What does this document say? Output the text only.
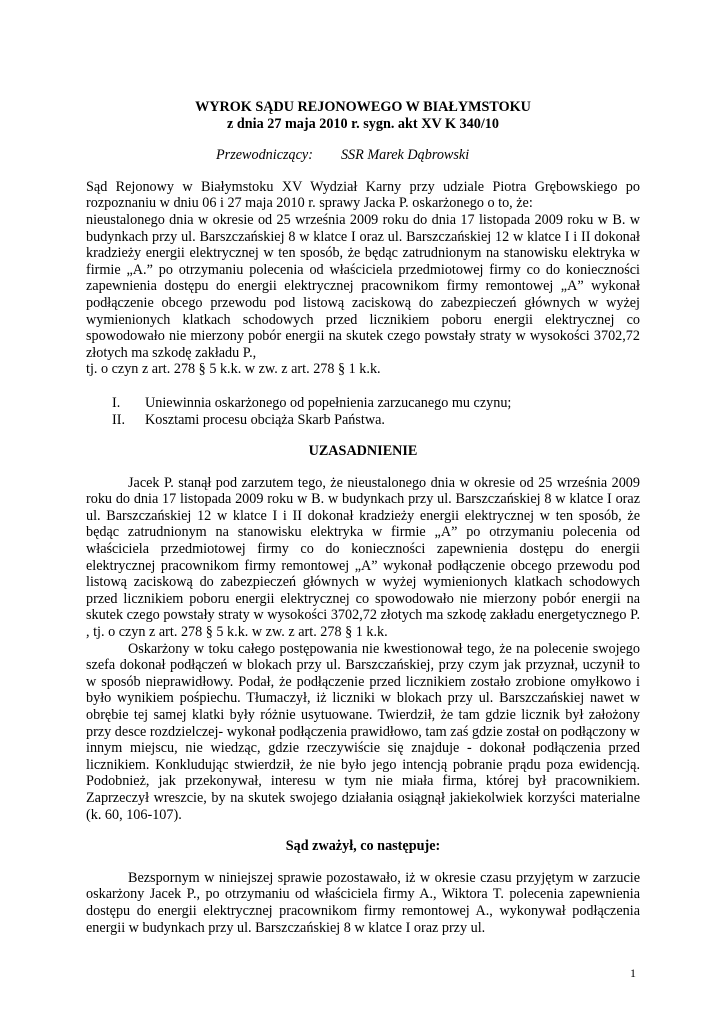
WYROK SĄDU REJONOWEGO W BIAŁYMSTOKU
z dnia 27 maja 2010 r. sygn. akt XV K 340/10

Przewodniczący: SSR Marek Dąbrowski

Sąd Rejonowy w Białymstoku XV Wydział Karny przy udziale Piotra Grębowskiego po rozpoznaniu w dniu 06 i 27 maja 2010 r. sprawy Jacka P. oskarżonego o to, że:

nieustalonego dnia w okresie od 25 września 2009 roku do dnia 17 listopada 2009 roku w B. w budynkach przy ul. Barszczańskiej 8 w klatce I oraz ul. Barszczańskiej 12 w klatce I i II dokonał kradzieży energii elektrycznej w ten sposób, że będąc zatrudnionym na stanowisku elektryka w firmie „A.” po otrzymaniu polecenia od właściciela przedmiotowej firmy co do konieczności zapewnienia dostępu do energii elektrycznej pracownikom firmy remontowej „A” wykonał podłączenie obcego przewodu pod listową zaciskową do zabezpieczeń głównych w wyżej wymienionych klatkach schodowych przed licznikiem poboru energii elektrycznej co spowodowało nie mierzony pobór energii na skutek czego powstały straty w wysokości 3702,72 złotych ma szkodę zakładu P.,

tj. o czyn z art. 278 § 5 k.k. w zw. z art. 278 § 1 k.k.

I.	Uniewinnia oskarżonego od popełnienia zarzucanego mu czynu;
II.	Kosztami procesu obciąża Skarb Państwa.

UZASADNIENIE

Jacek P. stanął pod zarzutem tego, że nieustalonego dnia w okresie od 25 września 2009 roku do dnia 17 listopada 2009 roku w B. w budynkach przy ul. Barszczańskiej 8 w klatce I oraz ul. Barszczańskiej 12 w klatce I i II dokonał kradzieży energii elektrycznej w ten sposób, że będąc zatrudnionym na stanowisku elektryka w firmie „A” po otrzymaniu polecenia od właściciela przedmiotowej firmy co do konieczności zapewnienia dostępu do energii elektrycznej pracownikom firmy remontowej „A” wykonał podłączenie obcego przewodu pod listową zaciskową do zabezpieczeń głównych w wyżej wymienionych klatkach schodowych przed licznikiem poboru energii elektrycznej co spowodowało nie mierzony pobór energii na skutek czego powstały straty w wysokości 3702,72 złotych ma szkodę zakładu energetycznego P. , tj. o czyn z art. 278 § 5 k.k. w zw. z art. 278 § 1 k.k.

Oskarżony w toku całego postępowania nie kwestionował tego, że na polecenie swojego szefa dokonał podłączeń w blokach przy ul. Barszczańskiej, przy czym jak przyznał, uczynił to w sposób nieprawidłowy. Podał, że podłączenie przed licznikiem zostało zrobione omyłkowo i było wynikiem pośpiechu. Tłumaczył, iż liczniki w blokach przy ul. Barszczańskiej nawet w obrębie tej samej klatki były różnie usytuowane. Twierdził, że tam gdzie licznik był założony przy desce rozdzielczej- wykonał podłączenia prawidłowo, tam zaś gdzie został on podłączony w innym miejscu, nie wiedząc, gdzie rzeczywiście się znajduje - dokonał podłączenia przed licznikiem. Konkludując stwierdził, że nie było jego intencją pobranie prądu poza ewidencją. Podobnież, jak przekonywał, interesu w tym nie miała firma, której był pracownikiem. Zaprzeczył wreszcie, by na skutek swojego działania osiągnął jakiekolwiek korzyści materialne (k. 60, 106-107).

Sąd zważył, co następuje:

Bezspornym w niniejszej sprawie pozostawało, iż w okresie czasu przyjętym w zarzucie oskarżony Jacek P., po otrzymaniu od właściciela firmy A., Wiktora T. polecenia zapewnienia dostępu do energii elektrycznej pracownikom firmy remontowej A., wykonywał podłączenia energii w budynkach przy ul. Barszczańskiej 8 w klatce I oraz przy ul.

1
